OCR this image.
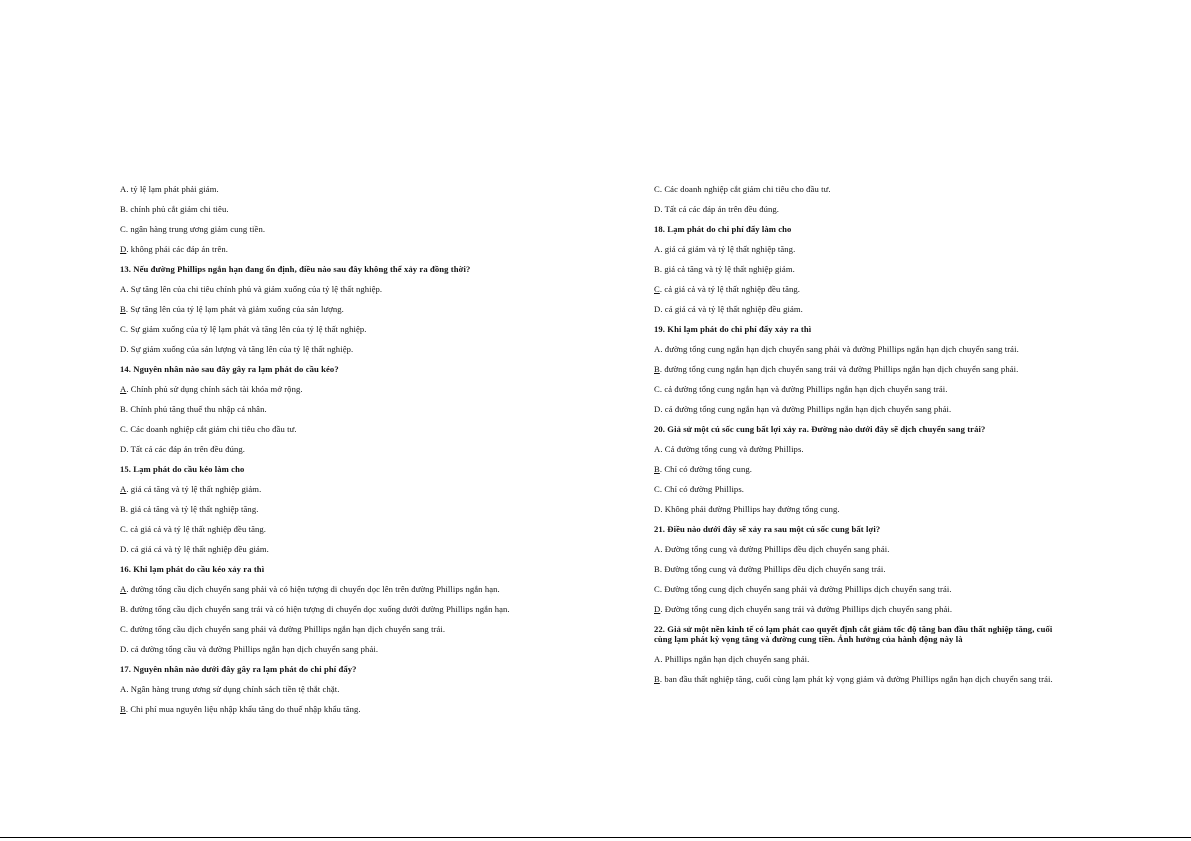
A. tỷ lệ lạm phát phải giảm.
B. chính phủ cắt giảm chi tiêu.
C. ngân hàng trung ương giảm cung tiền.
D. không phải các đáp án trên.
13. Nếu đường Phillips ngắn hạn đang ổn định, điều nào sau đây không thể xảy ra đồng thời?
A. Sự tăng lên của chi tiêu chính phủ và giảm xuống của tỷ lệ thất nghiệp.
B. Sự tăng lên của tỷ lệ lạm phát và giảm xuống của sản lượng.
C. Sự giảm xuống của tỷ lệ lạm phát và tăng lên của tỷ lệ thất nghiệp.
D. Sự giảm xuống của sản lượng và tăng lên của tỷ lệ thất nghiệp.
14. Nguyên nhân nào sau đây gây ra lạm phát do cầu kéo?
A. Chính phủ sử dụng chính sách tài khóa mở rộng.
B. Chính phủ tăng thuế thu nhập cá nhân.
C. Các doanh nghiệp cắt giảm chi tiêu cho đầu tư.
D. Tất cả các đáp án trên đều đúng.
15. Lạm phát do cầu kéo làm cho
A. giá cả tăng và tỷ lệ thất nghiệp giảm.
B. giá cả tăng và tỷ lệ thất nghiệp tăng.
C. cả giá cả và tỷ lệ thất nghiệp đều tăng.
D. cả giá cả và tỷ lệ thất nghiệp đều giảm.
16. Khi lạm phát do cầu kéo xảy ra thì
A. đường tổng cầu dịch chuyển sang phải và có hiện tượng di chuyển dọc lên trên đường Phillips ngắn hạn.
B. đường tổng cầu dịch chuyển sang trái và có hiện tượng di chuyển dọc xuống dưới đường Phillips ngắn hạn.
C. đường tổng cầu dịch chuyển sang phải và đường Phillips ngắn hạn dịch chuyển sang trái.
D. cả đường tổng cầu và đường Phillips ngắn hạn dịch chuyển sang phải.
17. Nguyên nhân nào dưới đây gây ra lạm phát do chi phí đẩy?
A. Ngân hàng trung ương sử dụng chính sách tiền tệ thắt chặt.
B. Chi phí mua nguyên liệu nhập khẩu tăng do thuế nhập khẩu tăng.
C. Các doanh nghiệp cắt giảm chi tiêu cho đầu tư.
D. Tất cả các đáp án trên đều đúng.
18. Lạm phát do chi phí đẩy làm cho
A. giá cả giảm và tỷ lệ thất nghiệp tăng.
B. giá cả tăng và tỷ lệ thất nghiệp giảm.
C. cả giá cả và tỷ lệ thất nghiệp đều tăng.
D. cả giá cả và tỷ lệ thất nghiệp đều giảm.
19. Khi lạm phát do chi phí đẩy xảy ra thì
A. đường tổng cung ngắn hạn dịch chuyển sang phải và đường Phillips ngắn hạn dịch chuyển sang trái.
B. đường tổng cung ngắn hạn dịch chuyển sang trái và đường Phillips ngắn hạn dịch chuyển sang phải.
C. cả đường tổng cung ngắn hạn và đường Phillips ngắn hạn dịch chuyển sang trái.
D. cả đường tổng cung ngắn hạn và đường Phillips ngắn hạn dịch chuyển sang phải.
20. Giả sử một cú sốc cung bất lợi xảy ra. Đường nào dưới đây sẽ dịch chuyển sang trái?
A. Cả đường tổng cung và đường Phillips.
B. Chỉ có đường tổng cung.
C. Chỉ có đường Phillips.
D. Không phải đường Phillips hay đường tổng cung.
21. Điều nào dưới đây sẽ xảy ra sau một cú sốc cung bất lợi?
A. Đường tổng cung và đường Phillips đều dịch chuyển sang phải.
B. Đường tổng cung và đường Phillips đều dịch chuyển sang trái.
C. Đường tổng cung dịch chuyển sang phải và đường Phillips dịch chuyển sang trái.
D. Đường tổng cung dịch chuyển sang trái và đường Phillips dịch chuyển sang phải.
22. Giả sử một nền kinh tế có lạm phát cao quyết định cắt giảm tốc độ tăng ban đầu thất nghiệp tăng, cuối cùng lạm phát kỳ vọng tăng và đường cung tiền. Ảnh hưởng của hành động này là
A. Phillips ngắn hạn dịch chuyển sang phải.
B. ban đầu thất nghiệp tăng, cuối cùng lạm phát kỳ vọng giảm và đường Phillips ngắn hạn dịch chuyển sang trái.
